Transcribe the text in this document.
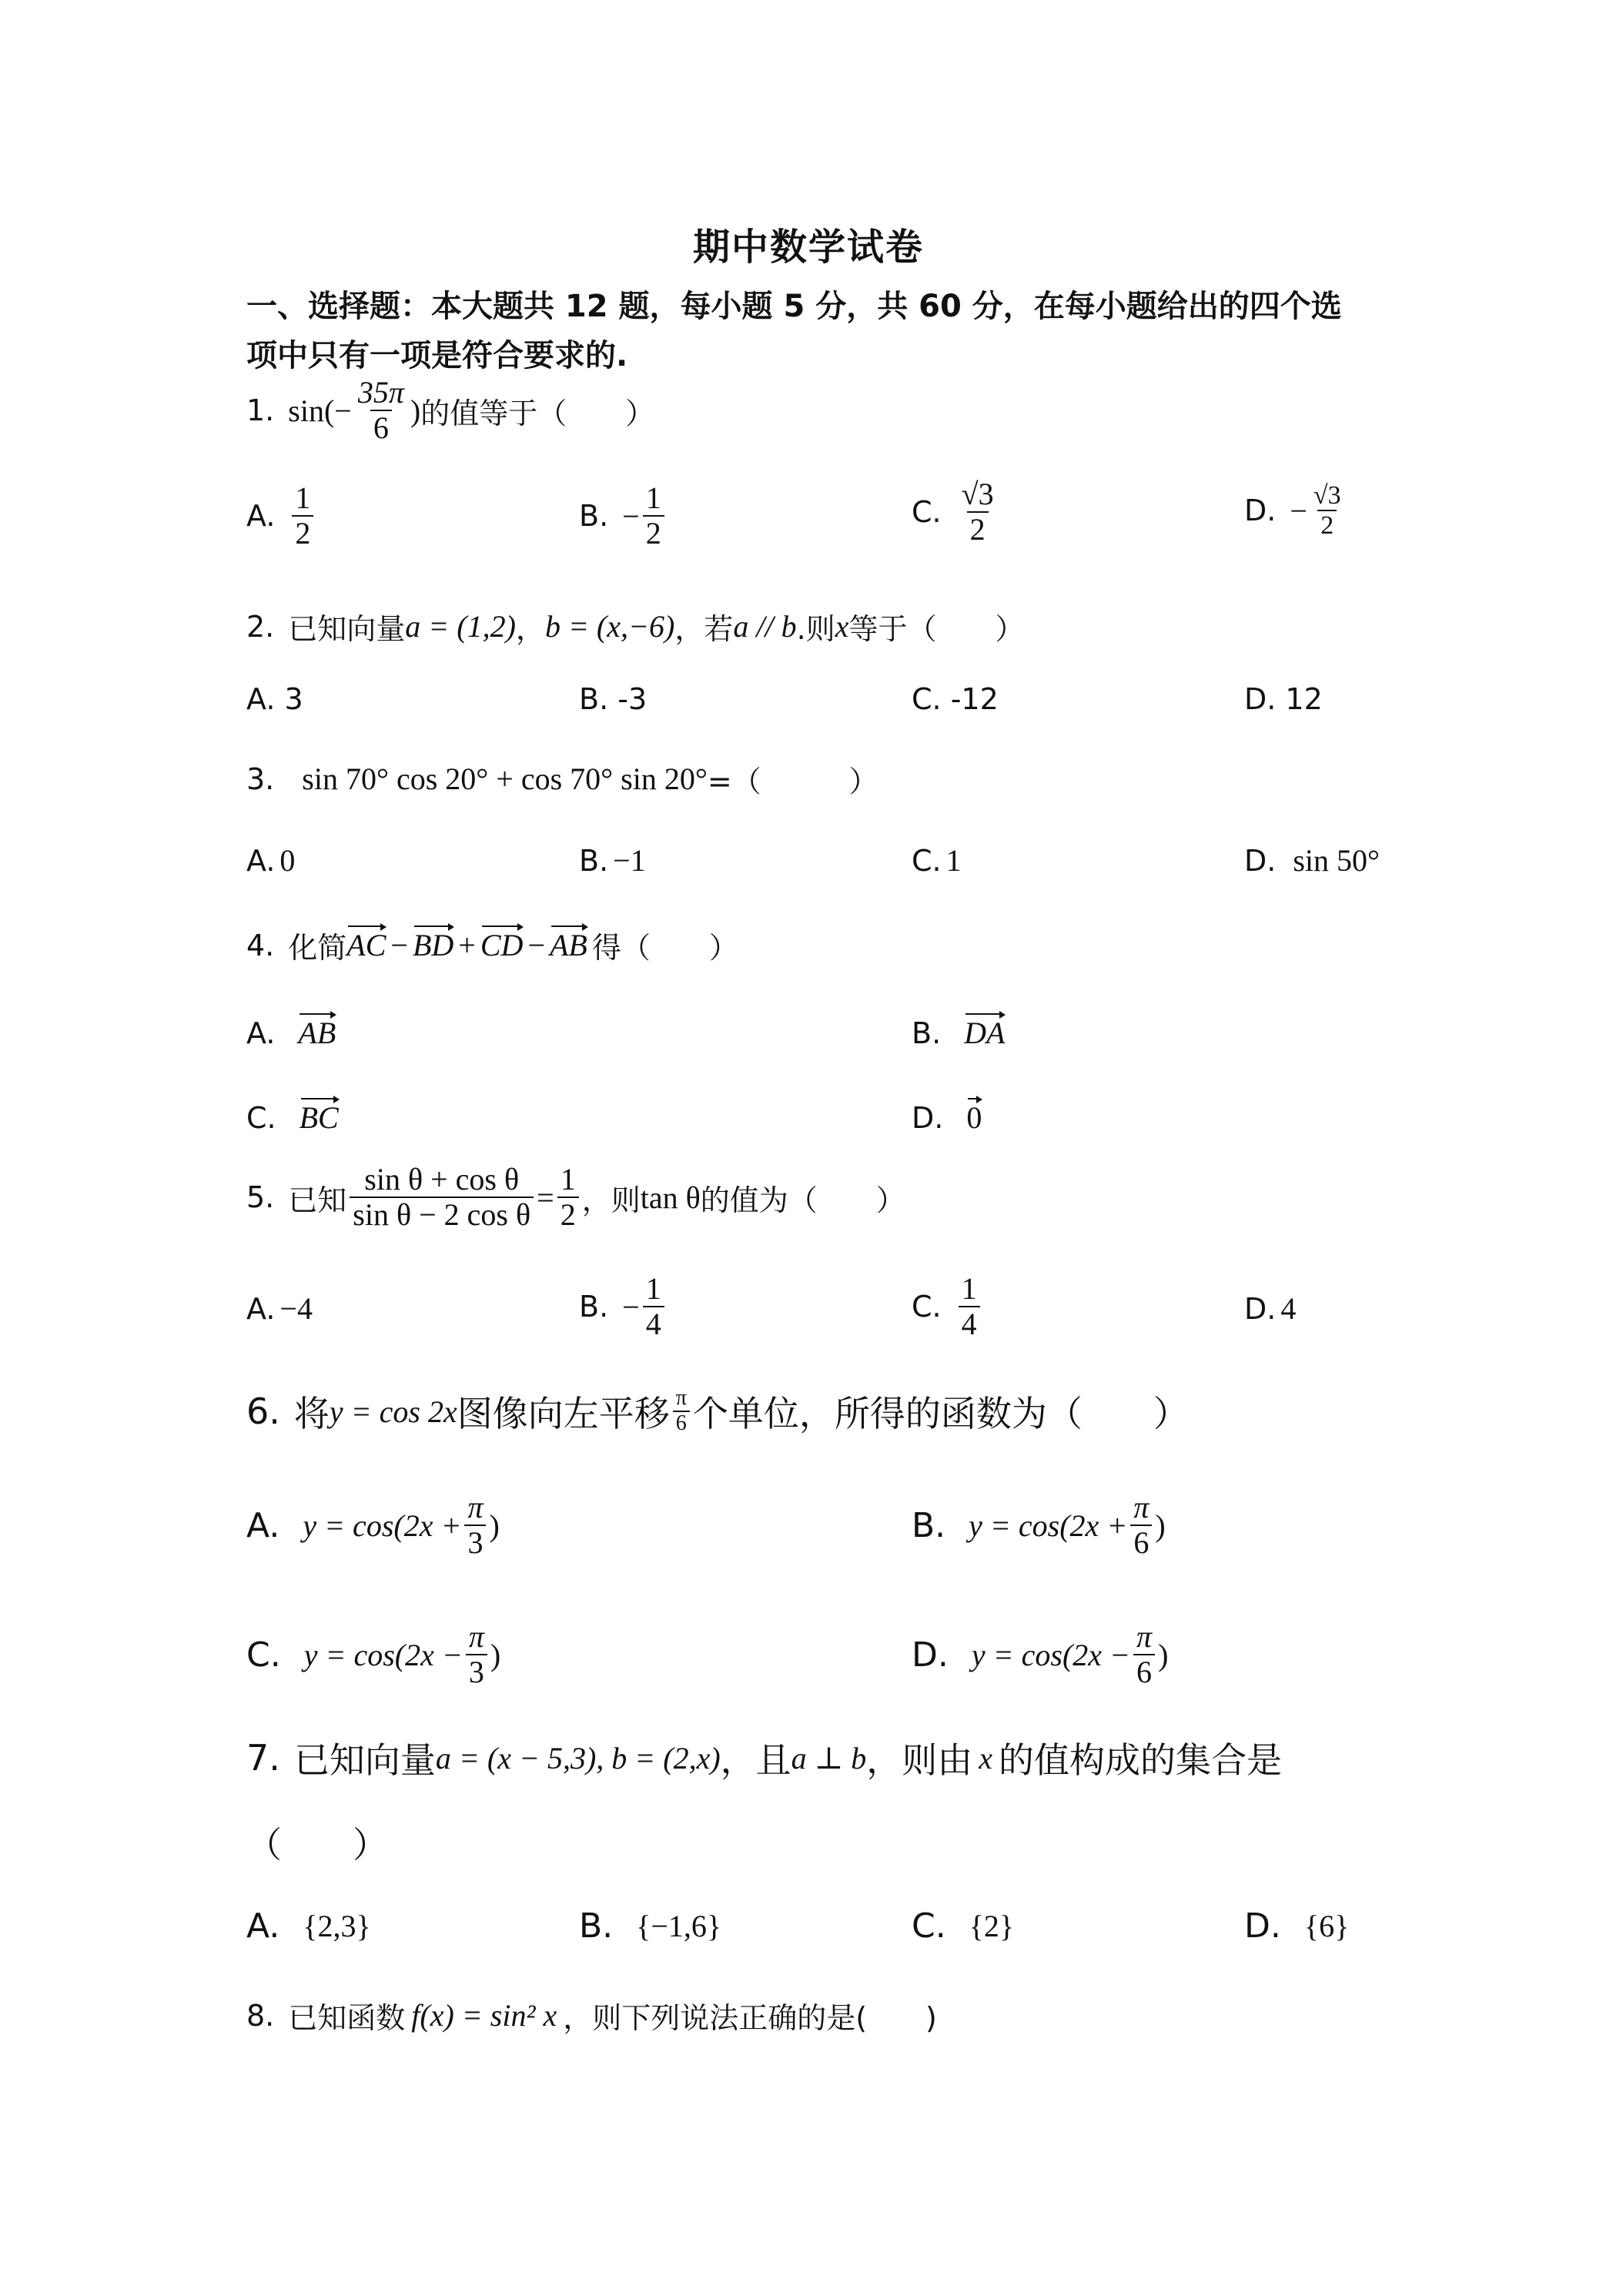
期中数学试卷
一、选择题：本大题共 12 题，每小题 5 分，共 60 分，在每小题给出的四个选
项中只有一项是符合要求的.
1. $\sin(- \frac{35\pi}{6}$ ) 的值等于（　　）
A. $\frac{1}{2}$	B. − $\frac{1}{2}$	C. $\frac{√3}{2}$	D. − $\frac{√3}{2}$
2. 已知向量 a = (1,2) ， b = (x,−6) ，若 a // b .则 x 等于（　　）
A. 3	B. -3	C. -12	D. 12
3. sin 70° cos 20° + cos 70° sin 20° =（　　　）
A. 0	B. −1	C. 1	D. sin 50°
4. 化简 AC − BD + CD − AB 得（　　）
A. AB	B. DA
C. BC	D. 0
5. 已知 $\frac{\text{sin θ + cos θ}}{\text{sin θ − 2 cos θ}} = \frac{1}{2}$ ，则 tan θ 的值为（　　）
A. −4	B. − $\frac{1}{4}$	C. $\frac{1}{4}$	D. 4
6. 将 y = cos 2x 图像向左平移 $\frac{\pi}{6}$ 个单位，所得的函数为（　　）
A. $y = \cos(2x + \frac{\pi}{3}$ )	B. $y = \cos(2x + \frac{\pi}{6}$ )
C. $y = \cos(2x - \frac{\pi}{3}$ )	D. $y = \cos(2x - \frac{\pi}{6}$ )
7. 已知向量 a = (x − 5,3), b = (2,x) ，且 a ⊥ b ，则由 x 的值构成的集合是
（　　）
A. {2,3}	B. {−1,6}	C. {2}	D. {6}
8. 已知函数 f(x) = sin² x ，则下列说法正确的是(　　)
